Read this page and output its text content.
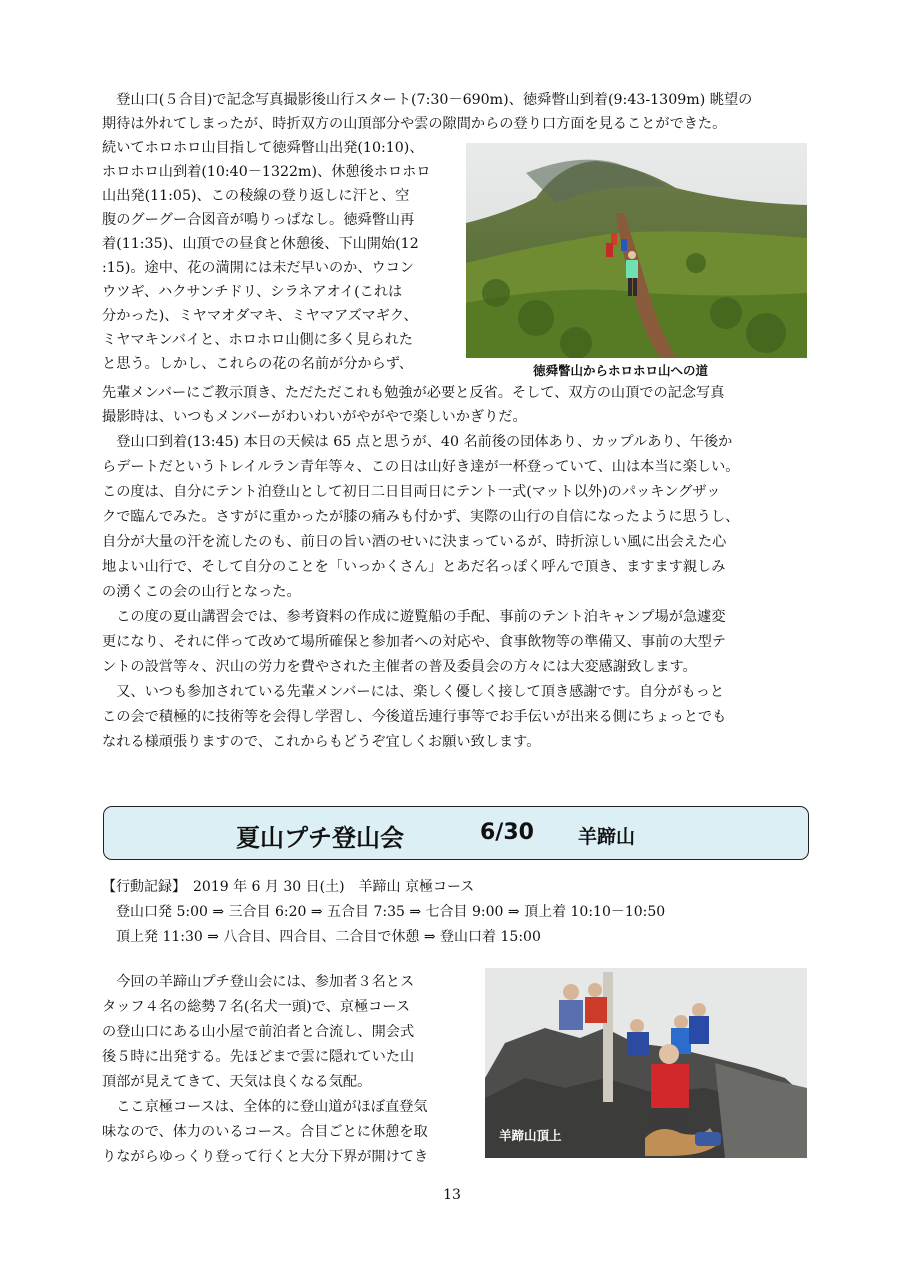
　登山口(５合目)で記念写真撮影後山行スタート(7:30－690m)、徳舜瞥山到着(9:43-1309m) 眺望の

期待は外れてしまったが、時折双方の山頂部分や雲の隙間からの登り口方面を見ることができた。

続いてホロホロ山目指して徳舜瞥山出発(10:10)、

ホロホロ山到着(10:40－1322m)、休憩後ホロホロ

山出発(11:05)、この稜線の登り返しに汗と、空

腹のグーグー合図音が鳴りっぱなし。徳舜瞥山再

着(11:35)、山頂での昼食と休憩後、下山開始(12

:15)。途中、花の満開には未だ早いのか、ウコン

ウツギ、ハクサンチドリ、シラネアオイ(これは

分かった)、ミヤマオダマキ、ミヤマアズマギク、

ミヤマキンバイと、ホロホロ山側に多く見られた

と思う。しかし、これらの花の名前が分からず、	徳舜瞥山からホロホロ山への道

先輩メンバーにご教示頂き、ただただこれも勉強が必要と反省。そして、双方の山頂での記念写真

撮影時は、いつもメンバーがわいわいがやがやで楽しいかぎりだ。

　登山口到着(13:45) 本日の天候は 65 点と思うが、40 名前後の団体あり、カップルあり、午後か

らデートだというトレイルラン青年等々、この日は山好き達が一杯登っていて、山は本当に楽しい。

この度は、自分にテント泊登山として初日二日目両日にテント一式(マット以外)のパッキングザッ

クで臨んでみた。さすがに重かったが膝の痛みも付かず、実際の山行の自信になったように思うし、

自分が大量の汗を流したのも、前日の旨い酒のせいに決まっているが、時折涼しい風に出会えた心

地よい山行で、そして自分のことを「いっかくさん」とあだ名っぽく呼んで頂き、ますます親しみ

の湧くこの会の山行となった。

　この度の夏山講習会では、参考資料の作成に遊覧船の手配、事前のテント泊キャンプ場が急遽変

更になり、それに伴って改めて場所確保と参加者への対応や、食事飲物等の準備又、事前の大型テ

ントの設営等々、沢山の労力を費やされた主催者の普及委員会の方々には大変感謝致します。

　又、いつも参加されている先輩メンバーには、楽しく優しく接して頂き感謝です。自分がもっと

この会で積極的に技術等を会得し学習し、今後道岳連行事等でお手伝いが出来る側にちょっとでも

なれる様頑張りますので、これからもどうぞ宜しくお願い致します。

夏山プチ登山会	6/30 羊蹄山

【行動記録】　2019 年 6 月 30 日(土)　羊蹄山 京極コース

　登山口発 5:00 ⇒ 三合目 6:20 ⇒ 五合目 7:35 ⇒ 七合目 9:00 ⇒ 頂上着 10:10－10:50

　頂上発 11:30 ⇒ 八合目、四合目、二合目で休憩 ⇒ 登山口着 15:00

　今回の羊蹄山プチ登山会には、参加者３名とス

タッフ４名の総勢７名(名犬一頭)で、京極コース

の登山口にある山小屋で前泊者と合流し、開会式

後５時に出発する。先ほどまで雲に隠れていた山

頂部が見えてきて、天気は良くなる気配。

　ここ京極コースは、全体的に登山道がほぼ直登気

味なので、体力のいるコース。合目ごとに休憩を取

りながらゆっくり登って行くと大分下界が開けてき

羊蹄山頂上
13
